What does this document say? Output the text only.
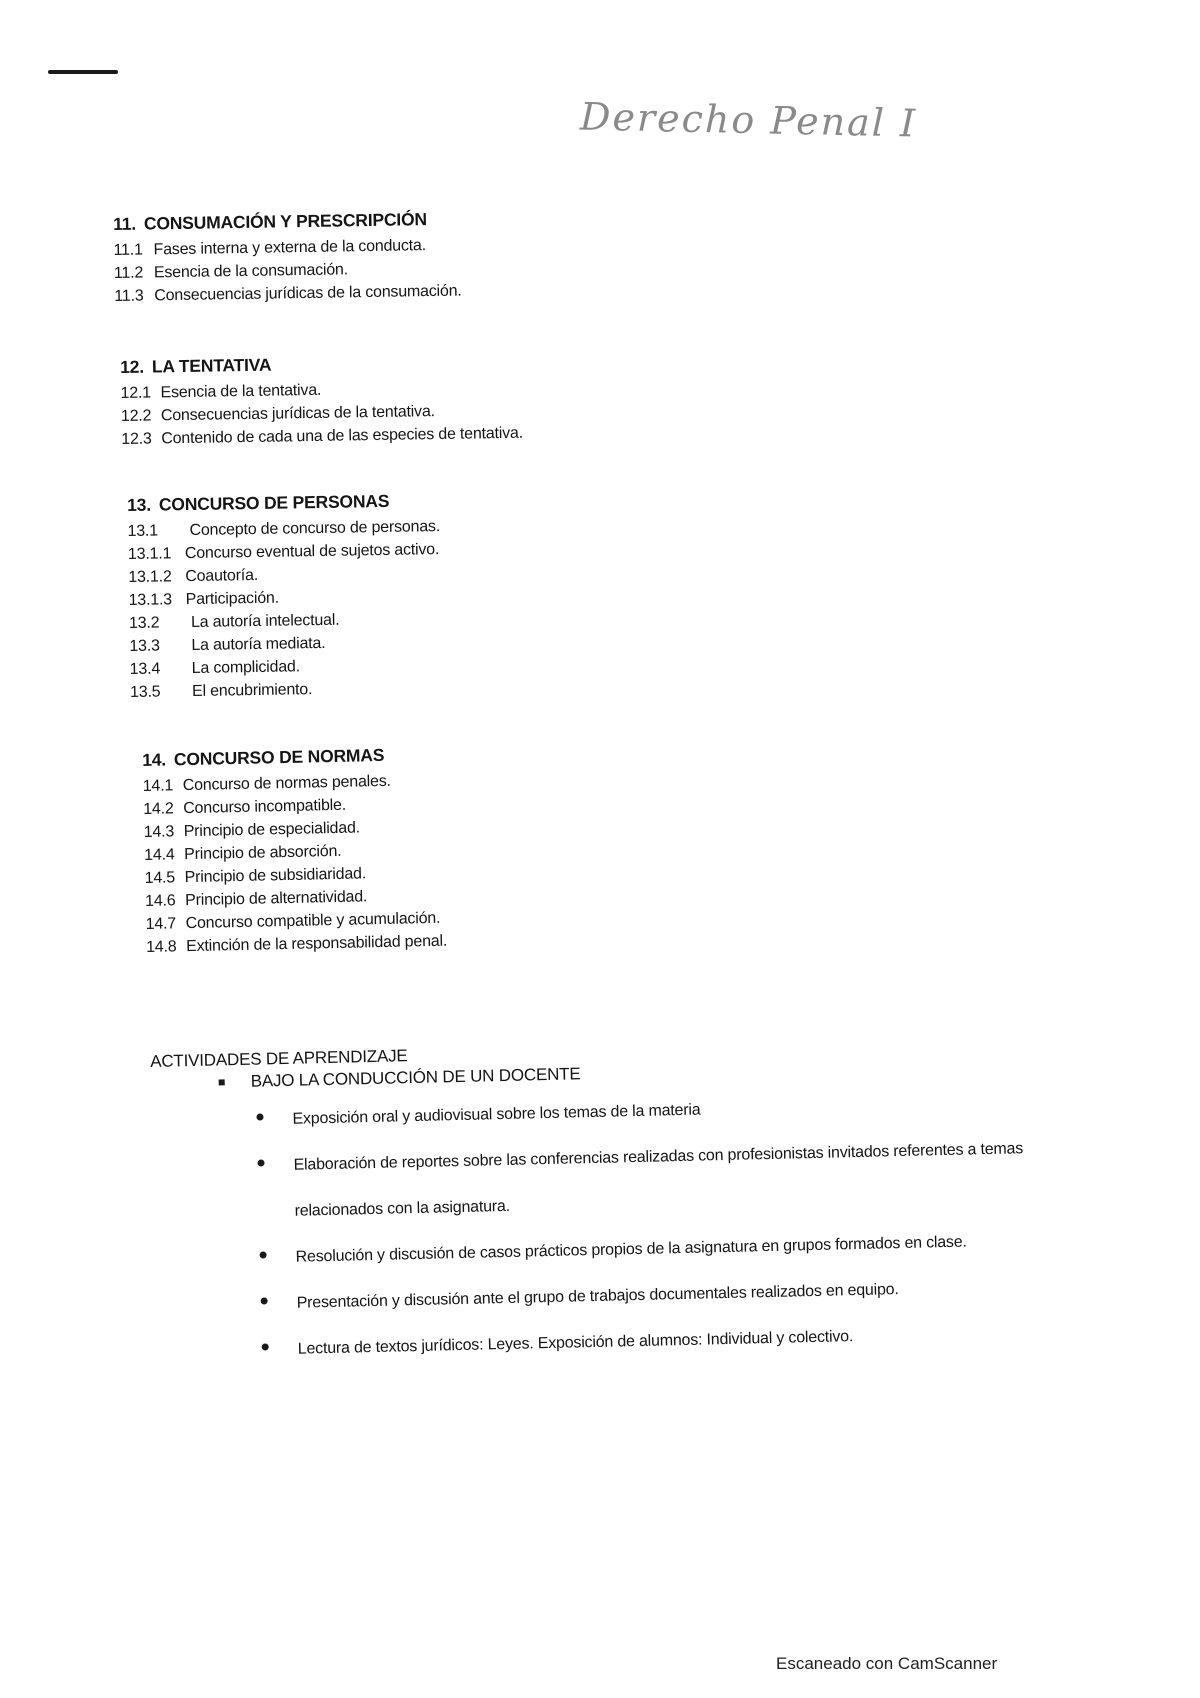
Derecho Penal I
11. CONSUMACIÓN Y PRESCRIPCIÓN
11.1 Fases interna y externa de la conducta.
11.2 Esencia de la consumación.
11.3 Consecuencias jurídicas de la consumación.
12. LA TENTATIVA
12.1 Esencia de la tentativa.
12.2 Consecuencias jurídicas de la tentativa.
12.3 Contenido de cada una de las especies de tentativa.
13. CONCURSO DE PERSONAS
13.1 Concepto de concurso de personas.
13.1.1 Concurso eventual de sujetos activo.
13.1.2 Coautoría.
13.1.3 Participación.
13.2 La autoría intelectual.
13.3 La autoría mediata.
13.4 La complicidad.
13.5 El encubrimiento.
14. CONCURSO DE NORMAS
14.1 Concurso de normas penales.
14.2 Concurso incompatible.
14.3 Principio de especialidad.
14.4 Principio de absorción.
14.5 Principio de subsidiaridad.
14.6 Principio de alternatividad.
14.7 Concurso compatible y acumulación.
14.8 Extinción de la responsabilidad penal.
ACTIVIDADES DE APRENDIZAJE
BAJO LA CONDUCCIÓN DE UN DOCENTE
Exposición oral y audiovisual sobre los temas de la materia
Elaboración de reportes sobre las conferencias realizadas con profesionistas invitados referentes a temas relacionados con la asignatura.
Resolución y discusión de casos prácticos propios de la asignatura en grupos formados en clase.
Presentación y discusión ante el grupo de trabajos documentales realizados en equipo.
Lectura de textos jurídicos: Leyes. Exposición de alumnos: Individual y colectivo.
Escaneado con CamScanner
